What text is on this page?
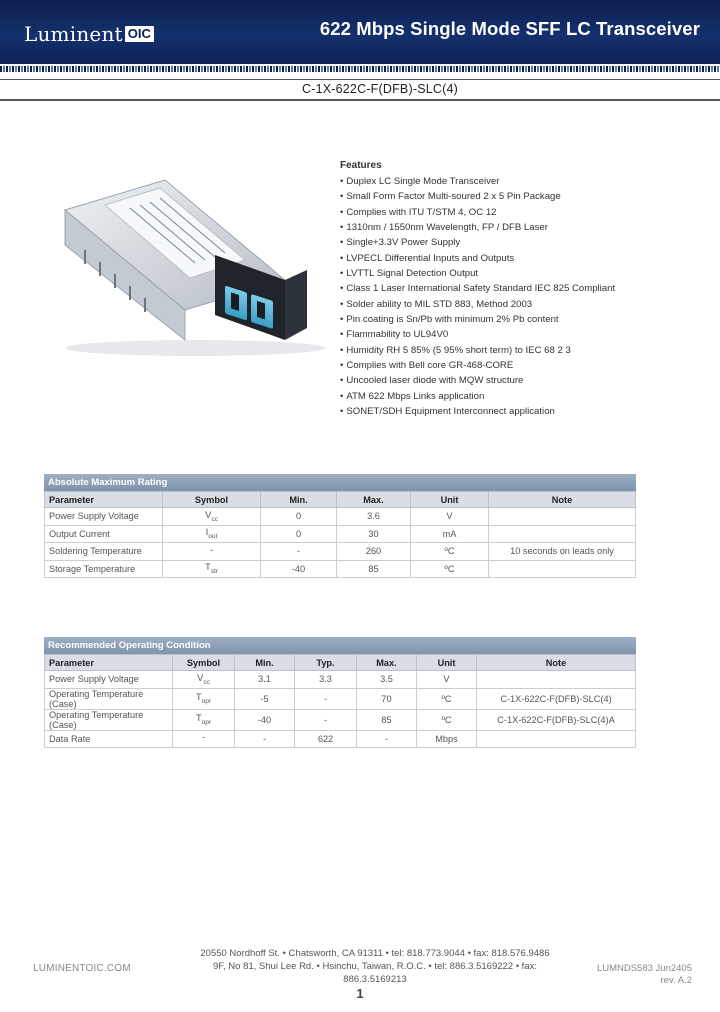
Luminent OIC	622 Mbps Single Mode SFF LC Transceiver
C-1X-622C-F(DFB)-SLC(4)
Features
• Duplex LC Single Mode Transceiver
• Small Form Factor Multi-soured 2 x 5 Pin Package
• Complies with ITU T/STM 4, OC 12
• 1310nm / 1550nm Wavelength, FP / DFB Laser
• Single+3.3V Power Supply
• LVPECL Differential Inputs and Outputs
• LVTTL Signal Detection Output
• Class 1 Laser International Safety Standard IEC 825 Compliant
• Solder ability to MIL STD 883, Method 2003
• Pin coating is Sn/Pb with minimum 2% Pb content
• Flammability to UL94V0
• Humidity RH 5 85% (5 95% short term) to IEC 68 2 3
• Complies with Bell core GR-468-CORE
• Uncooled laser diode with MQW structure
• ATM 622 Mbps Links application
• SONET/SDH Equipment Interconnect application
Absolute Maximum Rating
Parameter	Symbol	Min.	Max.	Unit	Note
Power Supply Voltage	$V_{cc}$	0	3.6	V	
Output Current	$I_{out}$	0	30	mA	
Soldering Temperature	-	-	260	ºC	10 seconds on leads only
Storage Temperature	$T_{str}$	-40	85	ºC	
Recommended Operating Condition
Parameter	Symbol	Min.	Typ.	Max.	Unit	Note
Power Supply Voltage	$V_{cc}$	3.1	3.3	3.5	V	
Operating Temperature (Case)	$T_{opr}$	-5	-	70	ºC	C-1X-622C-F(DFB)-SLC(4)
Operating Temperature (Case)	$T_{opr}$	-40	-	85	ºC	C-1X-622C-F(DFB)-SLC(4)A
Data Rate	-	-	622	-	Mbps	
LUMINENTOIC.COM
20550 Nordhoff St. • Chatsworth, CA 91311 • tel: 818.773.9044 • fax: 818.576.9486
9F, No 81, Shui Lee Rd. • Hsinchu, Taiwan, R.O.C. • tel: 886.3.5169222 • fax: 886.3.5169213
LUMNDS583 Jun2405
rev. A.2
1
